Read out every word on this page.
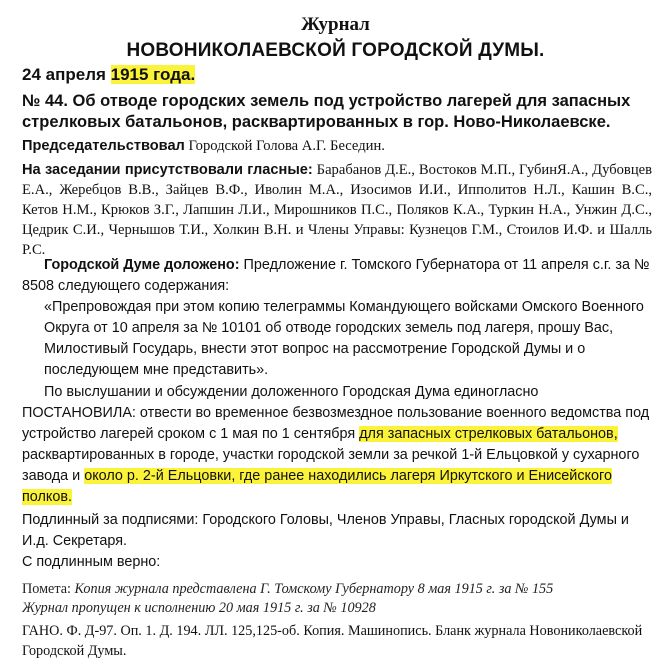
Журнал
НОВОНИКОЛАЕВСКОЙ ГОРОДСКОЙ ДУМЫ.
24 апреля 1915 года.
№ 44. Об отводе городских земель под устройство лагерей для запасных стрелковых батальонов, расквартированных в гор. Ново-Николаевске.
Председательствовал Городской Голова А.Г. Беседин.
На заседании присутствовали гласные: Барабанов Д.Е., Востоков М.П., ГубинЯ.А., Дубовцев Е.А., Жеребцов В.В., Зайцев В.Ф., Иволин М.А., Изосимов И.И., Ипполитов Н.Л., Кашин В.С., Кетов Н.М., Крюков З.Г., Лапшин Л.И., Мирошников П.С., Поляков К.А., Туркин Н.А., Унжин Д.С., Цедрик С.И., Чернышов Т.И., Холкин В.Н. и Члены Управы: Кузнецов Г.М., Стоилов И.Ф. и Шалль Р.С.
Городской Думе доложено: Предложение г. Томского Губернатора от 11 апреля с.г. за № 8508 следующего содержания:
«Препровождая при этом копию телеграммы Командующего войсками Омского Военного Округа от 10 апреля за № 10101 об отводе городских земель под лагеря, прошу Вас, Милостивый Государь, внести этот вопрос на рассмотрение Городской Думы и о последующем мне представить».
По выслушании и обсуждении доложенного Городская Дума единогласно ПОСТАНОВИЛА: отвести во временное безвозмездное пользование военного ведомства под устройство лагерей сроком с 1 мая по 1 сентября для запасных стрелковых батальонов, расквартированных в городе, участки городской земли за речкой 1-й Ельцовкой у сухарного завода и около р. 2-й Ельцовки, где ранее находились лагеря Иркутского и Енисейского полков.
Подлинный за подписями: Городского Головы, Членов Управы, Гласных городской Думы и И.д. Секретаря.
С подлинным верно:
Помета: Копия журнала представлена Г. Томскому Губернатору 8 мая 1915 г. за № 155
Журнал пропущен к исполнению 20 мая 1915 г. за № 10928
ГАНО. Ф. Д-97. Оп. 1. Д. 194. ЛЛ. 125,125-об. Копия. Машинопись. Бланк журнала Новониколаевской Городской Думы.
